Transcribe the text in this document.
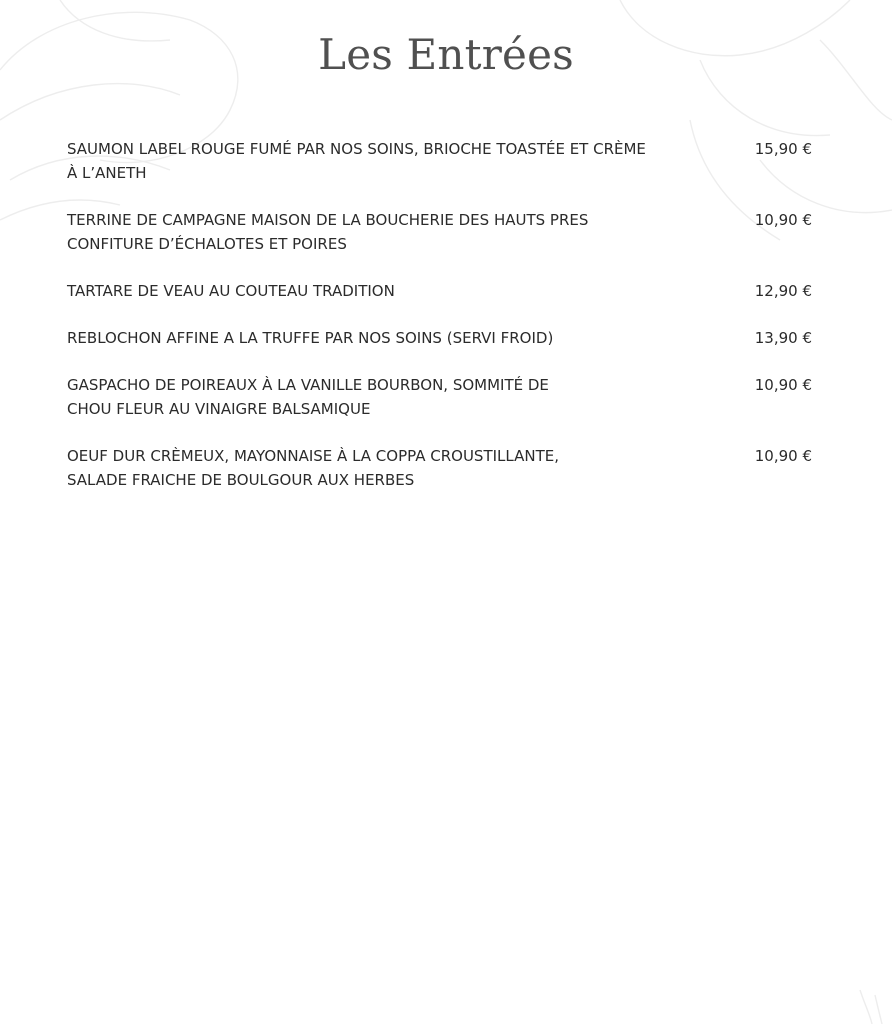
Les Entrées
SAUMON LABEL ROUGE FUMÉ PAR NOS SOINS, BRIOCHE TOASTÉE ET CRÈME
À L’ANETH
15,90 €
TERRINE DE CAMPAGNE MAISON DE LA BOUCHERIE DES HAUTS PRES
CONFITURE D’ÉCHALOTES ET POIRES
10,90 €
TARTARE DE VEAU AU COUTEAU TRADITION	12,90 €
REBLOCHON AFFINE A LA TRUFFE PAR NOS SOINS (SERVI FROID)	13,90 €
GASPACHO DE POIREAUX À LA VANILLE BOURBON, SOMMITÉ DE
CHOU FLEUR AU VINAIGRE BALSAMIQUE
10,90 €
OEUF DUR CRÈMEUX, MAYONNAISE À LA COPPA CROUSTILLANTE,
SALADE FRAICHE DE BOULGOUR AUX HERBES
10,90 €
